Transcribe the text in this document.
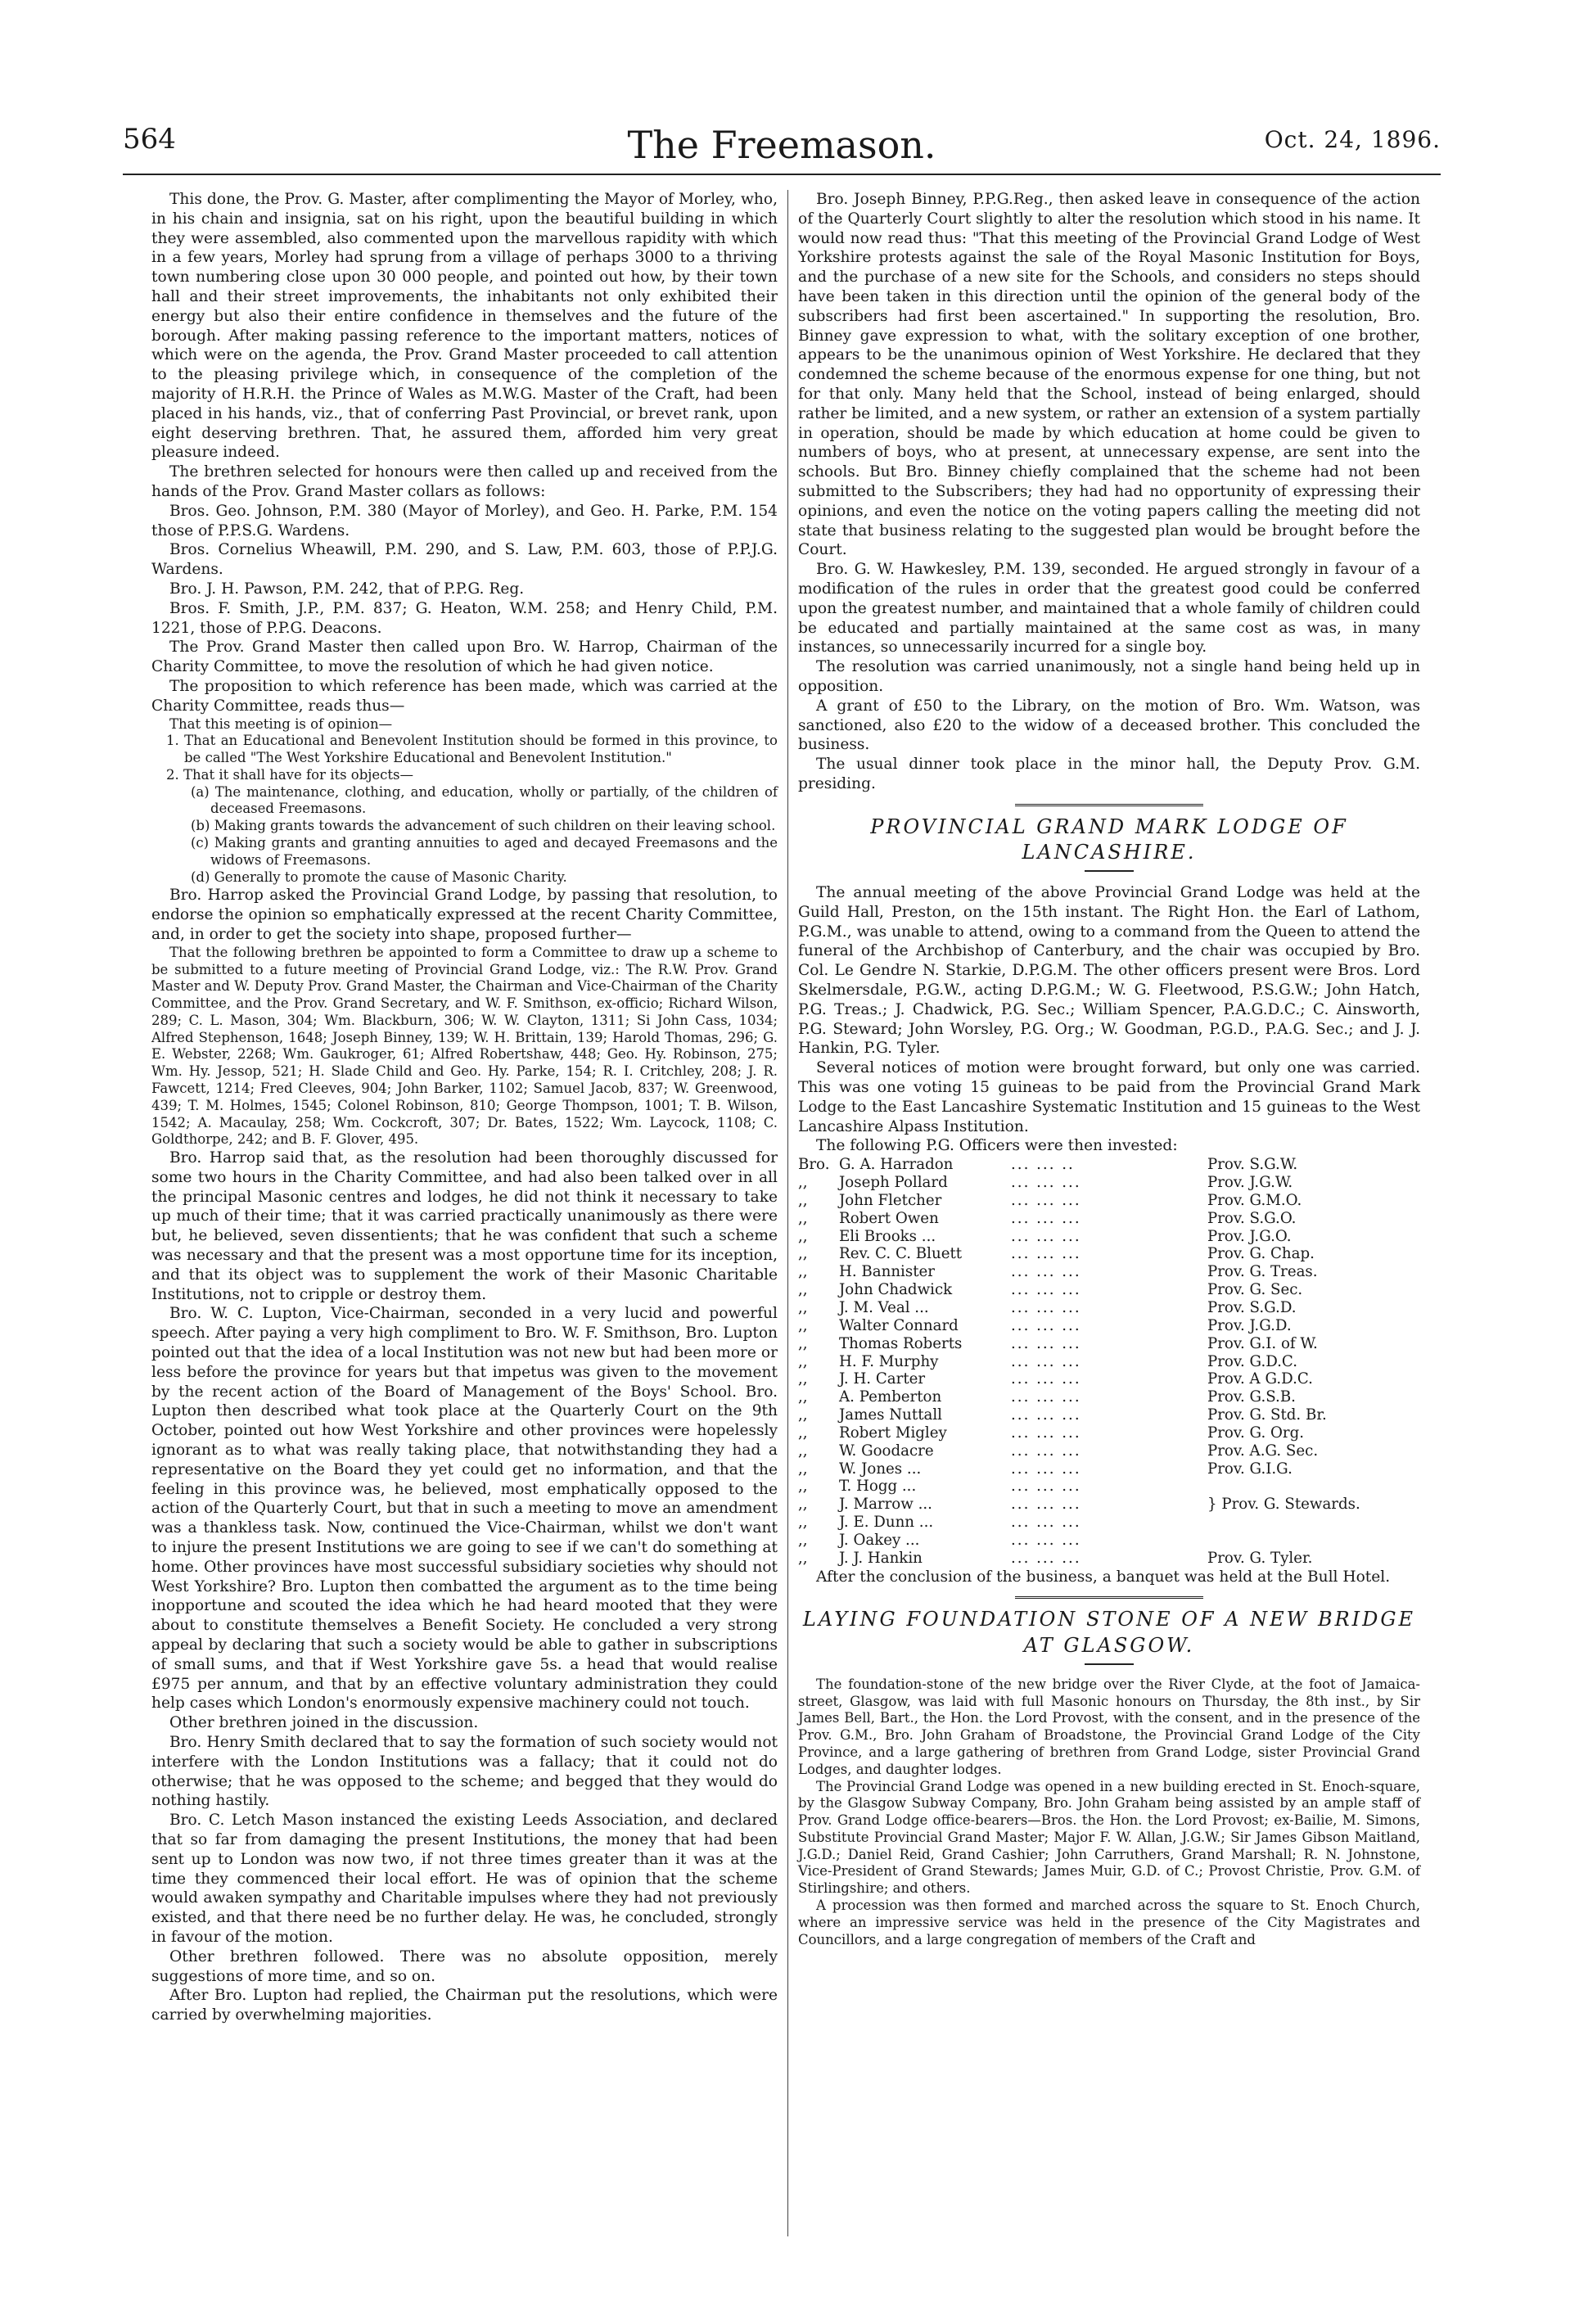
564	The Freemason.	Oct. 24, 1896.

This done, the Prov. G. Master, after complimenting the Mayor of Morley, who, in his chain and insignia, sat on his right, upon the beautiful building in which they were assembled, also commented upon the marvellous rapidity with which in a few years, Morley had sprung from a village of perhaps 3000 to a thriving town numbering close upon 30 000 people, and pointed out how, by their town hall and their street improvements, the inhabitants not only exhibited their energy but also their entire confidence in themselves and the future of the borough. After making passing reference to the important matters, notices of which were on the agenda, the Prov. Grand Master proceeded to call attention to the pleasing privilege which, in consequence of the completion of the majority of H.R.H. the Prince of Wales as M.W.G. Master of the Craft, had been placed in his hands, viz., that of conferring Past Provincial, or brevet rank, upon eight deserving brethren. That, he assured them, afforded him very great pleasure indeed.

The brethren selected for honours were then called up and received from the hands of the Prov. Grand Master collars as follows:

Bros. Geo. Johnson, P.M. 380 (Mayor of Morley), and Geo. H. Parke, P.M. 154 those of P.P.S.G. Wardens.

Bros. Cornelius Wheawill, P.M. 290, and S. Law, P.M. 603, those of P.P.J.G. Wardens.

Bro. J. H. Pawson, P.M. 242, that of P.P.G. Reg.

Bros. F. Smith, J.P., P.M. 837; G. Heaton, W.M. 258; and Henry Child, P.M. 1221, those of P.P.G. Deacons.

The Prov. Grand Master then called upon Bro. W. Harrop, Chairman of the Charity Committee, to move the resolution of which he had given notice.

The proposition to which reference has been made, which was carried at the Charity Committee, reads thus—

That this meeting is of opinion—

1. That an Educational and Benevolent Institution should be formed in this province, to be called "The West Yorkshire Educational and Benevolent Institution."

2. That it shall have for its objects—

(a) The maintenance, clothing, and education, wholly or partially, of the children of deceased Freemasons.

(b) Making grants towards the advancement of such children on their leaving school.

(c) Making grants and granting annuities to aged and decayed Freemasons and the widows of Freemasons.

(d) Generally to promote the cause of Masonic Charity.

Bro. Harrop asked the Provincial Grand Lodge, by passing that resolution, to endorse the opinion so emphatically expressed at the recent Charity Committee, and, in order to get the society into shape, proposed further—

That the following brethren be appointed to form a Committee to draw up a scheme to be submitted to a future meeting of Provincial Grand Lodge, viz.: The R.W. Prov. Grand Master and W. Deputy Prov. Grand Master, the Chairman and Vice-Chairman of the Charity Committee, and the Prov. Grand Secretary, and W. F. Smithson, ex-officio; Richard Wilson, 289; C. L. Mason, 304; Wm. Blackburn, 306; W. W. Clayton, 1311; Si John Cass, 1034; Alfred Stephenson, 1648; Joseph Binney, 139; W. H. Brittain, 139; Harold Thomas, 296; G. E. Webster, 2268; Wm. Gaukroger, 61; Alfred Robertshaw, 448; Geo. Hy. Robinson, 275; Wm. Hy. Jessop, 521; H. Slade Child and Geo. Hy. Parke, 154; R. I. Critchley, 208; J. R. Fawcett, 1214; Fred Cleeves, 904; John Barker, 1102; Samuel Jacob, 837; W. Greenwood, 439; T. M. Holmes, 1545; Colonel Robinson, 810; George Thompson, 1001; T. B. Wilson, 1542; A. Macaulay, 258; Wm. Cockcroft, 307; Dr. Bates, 1522; Wm. Laycock, 1108; C. Goldthorpe, 242; and B. F. Glover, 495.

Bro. Harrop said that, as the resolution had been thoroughly discussed for some two hours in the Charity Committee, and had also been talked over in all the principal Masonic centres and lodges, he did not think it necessary to take up much of their time; that it was carried practically unanimously as there were but, he believed, seven dissentients; that he was confident that such a scheme was necessary and that the present was a most opportune time for its inception, and that its object was to supplement the work of their Masonic Charitable Institutions, not to cripple or destroy them.

Bro. W. C. Lupton, Vice-Chairman, seconded in a very lucid and powerful speech. After paying a very high compliment to Bro. W. F. Smithson, Bro. Lupton pointed out that the idea of a local Institution was not new but had been more or less before the province for years but that impetus was given to the movement by the recent action of the Board of Management of the Boys' School. Bro. Lupton then described what took place at the Quarterly Court on the 9th October, pointed out how West Yorkshire and other provinces were hopelessly ignorant as to what was really taking place, that notwithstanding they had a representative on the Board they yet could get no information, and that the feeling in this province was, he believed, most emphatically opposed to the action of the Quarterly Court, but that in such a meeting to move an amendment was a thankless task. Now, continued the Vice-Chairman, whilst we don't want to injure the present Institutions we are going to see if we can't do something at home. Other provinces have most successful subsidiary societies why should not West Yorkshire? Bro. Lupton then combatted the argument as to the time being inopportune and scouted the idea which he had heard mooted that they were about to constitute themselves a Benefit Society. He concluded a very strong appeal by declaring that such a society would be able to gather in subscriptions of small sums, and that if West Yorkshire gave 5s. a head that would realise £975 per annum, and that by an effective voluntary administration they could help cases which London's enormously expensive machinery could not touch.

Other brethren joined in the discussion.

Bro. Henry Smith declared that to say the formation of such society would not interfere with the London Institutions was a fallacy; that it could not do otherwise; that he was opposed to the scheme; and begged that they would do nothing hastily.

Bro. C. Letch Mason instanced the existing Leeds Association, and declared that so far from damaging the present Institutions, the money that had been sent up to London was now two, if not three times greater than it was at the time they commenced their local effort. He was of opinion that the scheme would awaken sympathy and Charitable impulses where they had not previously existed, and that there need be no further delay. He was, he concluded, strongly in favour of the motion.

Other brethren followed. There was no absolute opposition, merely suggestions of more time, and so on.

After Bro. Lupton had replied, the Chairman put the resolutions, which were carried by overwhelming majorities.

Bro. Joseph Binney, P.P.G.Reg., then asked leave in consequence of the action of the Quarterly Court slightly to alter the resolution which stood in his name. It would now read thus: "That this meeting of the Provincial Grand Lodge of West Yorkshire protests against the sale of the Royal Masonic Institution for Boys, and the purchase of a new site for the Schools, and considers no steps should have been taken in this direction until the opinion of the general body of the subscribers had first been ascertained." In supporting the resolution, Bro. Binney gave expression to what, with the solitary exception of one brother, appears to be the unanimous opinion of West Yorkshire. He declared that they condemned the scheme because of the enormous expense for one thing, but not for that only. Many held that the School, instead of being enlarged, should rather be limited, and a new system, or rather an extension of a system partially in operation, should be made by which education at home could be given to numbers of boys, who at present, at unnecessary expense, are sent into the schools. But Bro. Binney chiefly complained that the scheme had not been submitted to the Subscribers; they had had no opportunity of expressing their opinions, and even the notice on the voting papers calling the meeting did not state that business relating to the suggested plan would be brought before the Court.

Bro. G. W. Hawkesley, P.M. 139, seconded. He argued strongly in favour of a modification of the rules in order that the greatest good could be conferred upon the greatest number, and maintained that a whole family of children could be educated and partially maintained at the same cost as was, in many instances, so unnecessarily incurred for a single boy.

The resolution was carried unanimously, not a single hand being held up in opposition.

A grant of £50 to the Library, on the motion of Bro. Wm. Watson, was sanctioned, also £20 to the widow of a deceased brother. This concluded the business.

The usual dinner took place in the minor hall, the Deputy Prov. G.M. presiding.

PROVINCIAL GRAND MARK LODGE OF LANCASHIRE.

The annual meeting of the above Provincial Grand Lodge was held at the Guild Hall, Preston, on the 15th instant. The Right Hon. the Earl of Lathom, P.G.M., was unable to attend, owing to a command from the Queen to attend the funeral of the Archbishop of Canterbury, and the chair was occupied by Bro. Col. Le Gendre N. Starkie, D.P.G.M. The other officers present were Bros. Lord Skelmersdale, P.G.W., acting D.P.G.M.; W. G. Fleetwood, P.S.G.W.; John Hatch, P.G. Treas.; J. Chadwick, P.G. Sec.; William Spencer, P.A.G.D.C.; C. Ainsworth, P.G. Steward; John Worsley, P.G. Org.; W. Goodman, P.G.D., P.A.G. Sec.; and J. J. Hankin, P.G. Tyler.

Several notices of motion were brought forward, but only one was carried. This was one voting 15 guineas to be paid from the Provincial Grand Mark Lodge to the East Lancashire Systematic Institution and 15 guineas to the West Lancashire Alpass Institution.

The following P.G. Officers were then invested:

Bro.	G. A. Harradon	... ... ..	Prov. S.G.W.
,,	Joseph Pollard	... ... ...	Prov. J.G.W.
,,	John Fletcher	... ... ...	Prov. G.M.O.
,,	Robert Owen	... ... ...	Prov. S.G.O.
,,	Eli Brooks ...	... ... ...	Prov. J.G.O.
,,	Rev. C. C. Bluett	... ... ...	Prov. G. Chap.
,,	H. Bannister	... ... ...	Prov. G. Treas.
,,	John Chadwick	... ... ...	Prov. G. Sec.
,,	J. M. Veal ...	... ... ...	Prov. S.G.D.
,,	Walter Connard	... ... ...	Prov. J.G.D.
,,	Thomas Roberts	... ... ...	Prov. G.I. of W.
,,	H. F. Murphy	... ... ...	Prov. G.D.C.
,,	J. H. Carter	... ... ...	Prov. A G.D.C.
,,	A. Pemberton	... ... ...	Prov. G.S.B.
,,	James Nuttall	... ... ...	Prov. G. Std. Br.
,,	Robert Migley	... ... ...	Prov. G. Org.
,,	W. Goodacre	... ... ...	Prov. A.G. Sec.
,,	W. Jones ...	... ... ...	Prov. G.I.G.
,,	T. Hogg ...	... ... ...	
,,	J. Marrow ...	... ... ...	} Prov. G. Stewards.
,,	J. E. Dunn ...	... ... ...	
,,	J. Oakey ...	... ... ...	
,,	J. J. Hankin	... ... ...	Prov. G. Tyler.

After the conclusion of the business, a banquet was held at the Bull Hotel.

LAYING FOUNDATION STONE OF A NEW BRIDGE AT GLASGOW.

The foundation-stone of the new bridge over the River Clyde, at the foot of Jamaica-street, Glasgow, was laid with full Masonic honours on Thursday, the 8th inst., by Sir James Bell, Bart., the Hon. the Lord Provost, with the consent, and in the presence of the Prov. G.M., Bro. John Graham of Broadstone, the Provincial Grand Lodge of the City Province, and a large gathering of brethren from Grand Lodge, sister Provincial Grand Lodges, and daughter lodges.

The Provincial Grand Lodge was opened in a new building erected in St. Enoch-square, by the Glasgow Subway Company, Bro. John Graham being assisted by an ample staff of Prov. Grand Lodge office-bearers—Bros. the Hon. the Lord Provost; ex-Bailie, M. Simons, Substitute Provincial Grand Master; Major F. W. Allan, J.G.W.; Sir James Gibson Maitland, J.G.D.; Daniel Reid, Grand Cashier; John Carruthers, Grand Marshall; R. N. Johnstone, Vice-President of Grand Stewards; James Muir, G.D. of C.; Provost Christie, Prov. G.M. of Stirlingshire; and others.

A procession was then formed and marched across the square to St. Enoch Church, where an impressive service was held in the presence of the City Magistrates and Councillors, and a large congregation of members of the Craft and
